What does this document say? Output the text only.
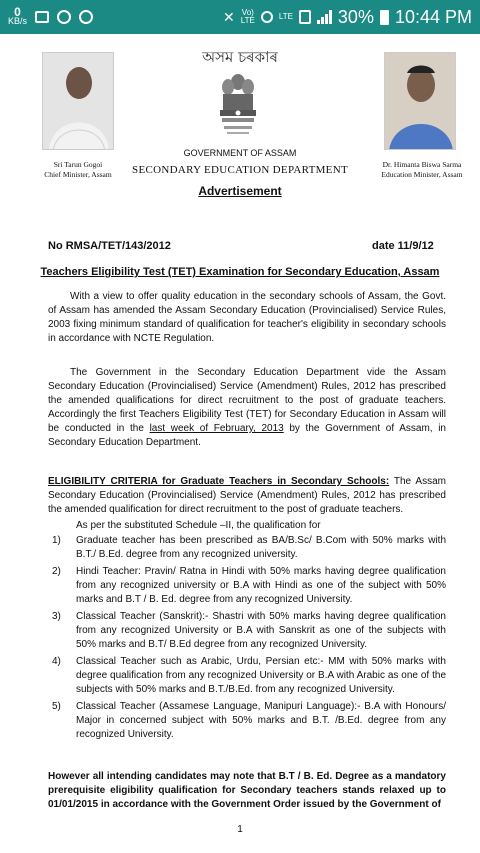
0
KB/s	✕ Vo)
LTE	LTE	30% 10:44 PM
অসম চৰকাৰ
GOVERNMENT OF ASSAM
SECONDARY EDUCATION DEPARTMENT
Advertisement
Sri Tarun Gogoi
Chief Minister, Assam
Dr. Himanta Biswa Sarma
Education Minister, Assam
No RMSA/TET/143/2012	date 11/9/12
Teachers Eligibility Test (TET) Examination for Secondary Education, Assam

With a view to offer quality education in the secondary schools of Assam, the Govt. of Assam has amended the Assam Secondary Education (Provincialised) Service Rules, 2003 fixing minimum standard of qualification for teacher's eligibility in secondary schools in accordance with NCTE Regulation.

The Government in the Secondary Education Department vide the Assam Secondary Education (Provincialised) Service (Amendment) Rules, 2012 has prescribed the amended qualifications for direct recruitment to the post of graduate teachers. Accordingly the first Teachers Eligibility Test (TET) for Secondary Education in Assam will be conducted in the last week of February, 2013 by the Government of Assam, in Secondary Education Department.

ELIGIBILITY CRITERIA for Graduate Teachers in Secondary Schools: The Assam Secondary Education (Provincialised) Service (Amendment) Rules, 2012 has prescribed the amended qualification for direct recruitment to the post of graduate teachers.

As per the substituted Schedule –II, the qualification for
1)	Graduate teacher has been prescribed as BA/B.Sc/ B.Com with 50% marks with B.T./ B.Ed. degree from any recognized university.
2)	Hindi Teacher: Pravin/ Ratna in Hindi with 50% marks having degree qualification from any recognized university or B.A with Hindi as one of the subject with 50% marks and B.T / B. Ed. degree from any recognized University.
3)	Classical Teacher (Sanskrit):- Shastri with 50% marks having degree qualification from any recognized University or B.A with Sanskrit as one of the subjects with 50% marks and B.T/ B.Ed degree from any recognized University.
4)	Classical Teacher such as Arabic, Urdu, Persian etc:- MM with 50% marks with degree qualification from any recognized University or B.A with Arabic as one of the subjects with 50% marks and B.T./B.Ed. from any recognized University.
5)	Classical Teacher (Assamese Language, Manipuri Language):- B.A with Honours/ Major in concerned subject with 50% marks and B.T. /B.Ed. degree from any recognized University.

However all intending candidates may note that B.T / B. Ed. Degree as a mandatory prerequisite eligibility qualification for Secondary teachers stands relaxed up to 01/01/2015 in accordance with the Government Order issued by the Government of

1
